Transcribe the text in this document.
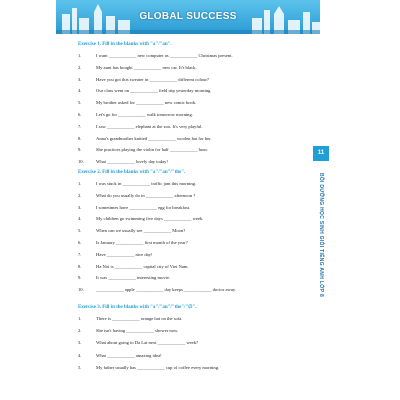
GLOBAL SUCCESS
11
BỒI DƯỠNG HỌC SINH GIỎI TIẾNG ANH LỚP 8
Exercise 1. Fill in the blanks with "a"/"an".
1.	I want ____________ new computer as ____________ Christmas present.
2.	My aunt has bought ____________ new car. It's black.
3.	Have you got this sweater in ____________ different colour?
4.	Our class went on ____________ field trip yesterday morning.
5.	My brother asked for ____________ new comic book.
6.	Let's go for ____________ walk tomorrow morning.
7.	I saw ____________ elephant at the zoo. It's very playful.
8.	Anna's grandmother knitted ____________ woolen hat for her.
9.	She practices playing the violin for half ____________ hour.
10.	What ____________ lovely day today!
Exercise 2. Fill in the blanks with "a"/"an"/"the".
1.	I was stuck in ____________ traffic jam this morning.
2.	What do you usually do in ____________ afternoon ?
3.	I sometimes have ____________ egg for breakfast.
4.	My children go swimming five days ____________ week.
5.	When can we usually see ____________ Moon?
6.	Is January ____________ first month of the year?
7.	Have ____________ nice day!
8.	Ha Noi is ____________ capital city of Viet Nam.
9.	It was ____________ interesting movie.
10.	____________ apple ____________ day keeps ____________ doctor away.
Exercise 3. Fill in the blanks with "a"/"an"/"the"/"∅".
1.	There is ____________ orange hat on the sofa.
2.	She isn't having ____________ shower now.
3.	What about going to Da Lat next ____________ week?
4.	What ____________ amazing idea!
5.	My father usually has ____________ cup of coffee every morning.
